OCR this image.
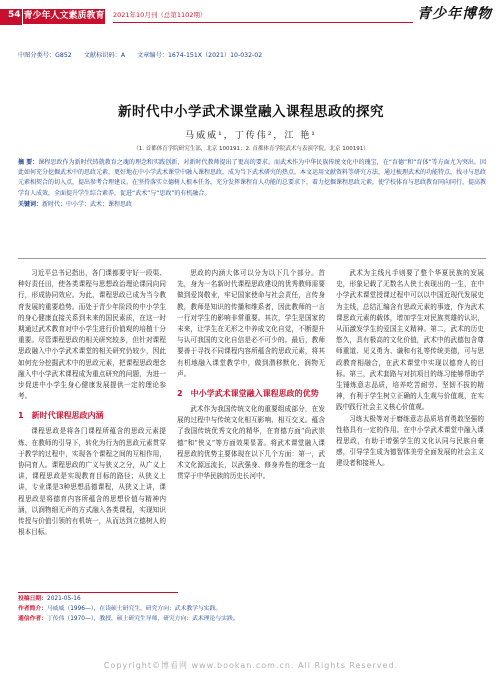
54 青少年人文素质教育 2021年10月刊（总第1102期）	青少年博物
中图分类号：G852 文献标识码：A 文章编号：1674-151X（2021）10-032-02
新时代中小学武术课堂融入课程思政的探究
马威威¹，丁传伟²，江 艳¹
（1. 首都体育学院研究生部，北京 100191；2. 首都体育学院武术与表演学院，北京 100191）
摘 要：课程思政作为新时代铸就教育之魂的理念和实践创新，对新时代教师提出了更高的要求。而武术作为中华民族传统文化中的瑰宝，在“育德”和“育体”等方面尤为突出。因此如何充分挖掘武术中的思政元素，更好地在中小学武术课堂中融入课程思政，成为当下武术研究的热点。本文运用文献资料等研究方法，通过梳理武术的功能特点，找寻与思政元素相契合的切入点，提出参考合理建议。在坚持落实立德树人根本任务，充分发挥课程育人功能的总要求下，着力挖掘课程思政元素，使学校体育与思政教育同向同行，提高教学育人成效，全面提升学生综合素养，促进“武术”与“思政”的有机融合。
关键词：新时代；中小学；武术；课程思政

习近平总书记指出，各门课都要守好一段渠、种好责任田，使各类课程与思想政治理论课同向同行，形成协同效应。为此，课程思政已成为当今教育发展的重要趋势。而处于青少年阶段的中小学生的身心健康直接关系到未来的国民素质，在这一时期通过武术教育对中小学生进行价值观的培植十分重要。尽管课程思政的相关研究较多，但针对课程思政融入中小学武术课堂的相关研究仍较少，因此如何充分挖掘武术中的思政元素，把课程思政理念融入中小学武术课程成为重点研究的问题，为进一步促进中小学生身心健康发展提供一定的理论参考。

1　新时代课程思政内涵

课程思政是将各门课程所蕴含的思政元素提炼、在教师的引导下，转化为行为的思政元素贯穿于教学的过程中，实现各个课程之间的互相作用，协同育人。课程思政的广义与狭义之分，从广义上讲，课程思政是实现教育目标的路径；从狭义上讲，专业课是3种思想品德课程，从狭义上讲，课程思政是将德育内容所蕴含的思想价值与精神内涵，以润物细无声的方式融入各类课程，实现知识传授与价值引领的有机统一，从而达到立德树人的根本目标。

思政的内涵大体可以分为以下几个部分。首先，身为一名新时代课程思政建设的优秀教师需要做到爱岗敬业，牢记国家使命与社会责任，言传身教，教师是知识的传播和维系者，因此教师的一言一行对学生的影响非常重要。其次，学生是国家的未来，让学生在无形之中养成文化自觉，不断提升与认可我国的文化自信是必不可少的。最后，教师要善于寻找不同课程内容所蕴含的思政元素，将其有机地融入课堂教学中，做到潜移默化、润物无声。

2　中小学武术课堂融入课程思政的优势

武术作为我国传统文化的重要组成部分，在发展的过程中与传统文化相互影响、相互交叉。蕴含了我国传统优秀文化的精华，在育德方面“尚武崇德”和“侠义”等方面效果显著。将武术课堂融入课程思政的优势主要体现在以下几个方面：第一，武术文化源远流长，以武强身、修身养性的理念一直贯穿于中华民族的历史长河中。

武术为主线凡手则要了整个华夏民族的发展史，形象记载了无数名人侠士表现出的一生，在中小学武术课堂授课过程中可以以中国近现代发展史为主线，总结汇编含有思政元素的事迹，作为武术课思政元素的载体，增加学生对民族英雄的认识，从而激发学生的爱国主义精神。第二，武术的历史悠久，具有极高的文化价值，武术中的武德包含尊师重道、见义勇为、谦和有礼等传统美德，可与思政教育相融合，在武术课堂中实现以德育人的目标。第三，武术套路与对抗项目的练习能够帮助学生锤炼意志品质，培养吃苦耐劳、坚韧不拔的精神，有利于学生树立正确的人生观与价值观，在实践中践行社会主义核心价值观。

习练太极等对于磨练意志品质培育勇敢坚强的性格具有一定的作用。在中小学武术课堂中融入课程思政，有助于增强学生的文化认同与民族自豪感，引导学生成为德智体美劳全面发展的社会主义建设者和接班人。

投稿日期：2021-05-16
作者简介：马威威（1996—），在读硕士研究生，研究方向：武术教学与实践。
通信作者：丁传伟（1970—），教授，硕士研究生导师，研究方向：武术理论与实践。
Copyright©博看网 www.bookan.com.cn. All Rights Reserved.
